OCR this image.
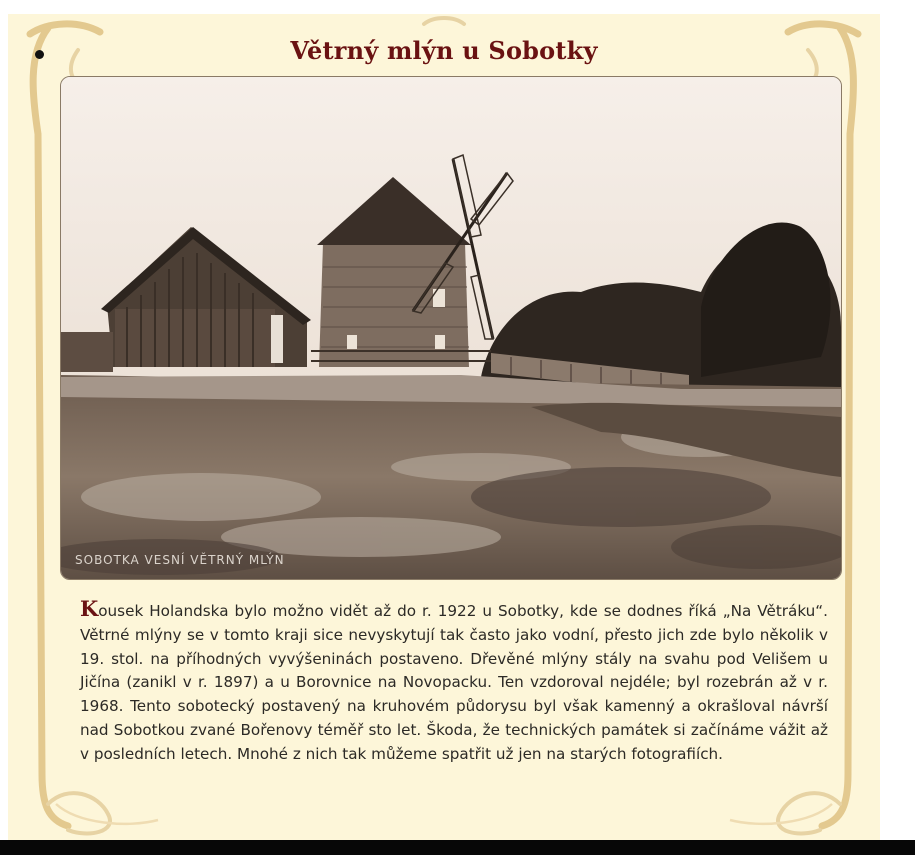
Větrný mlýn u Sobotky
SOBOTKA VESNÍ VĚTRNÝ MLÝN
Kousek Holandska bylo možno vidět až do r. 1922 u Sobotky, kde se dodnes říká „Na Větráku“. Větrné mlýny se v tomto kraji sice nevyskytují tak často jako vodní, přesto jich zde bylo několik v 19. stol. na příhodných vyvýšeninách postaveno. Dřevěné mlýny stály na svahu pod Velišem u Jičína (zanikl v r. 1897) a u Borovnice na Novopacku. Ten vzdoroval nejdéle; byl rozebrán až v r. 1968. Tento sobotecký postavený na kruhovém půdorysu byl však kamenný a okrašloval návrší nad Sobotkou zvané Bořenovy téměř sto let. Škoda, že technických památek si začínáme vážit až v posledních letech. Mnohé z nich tak můžeme spatřit už jen na starých fotografiích.
